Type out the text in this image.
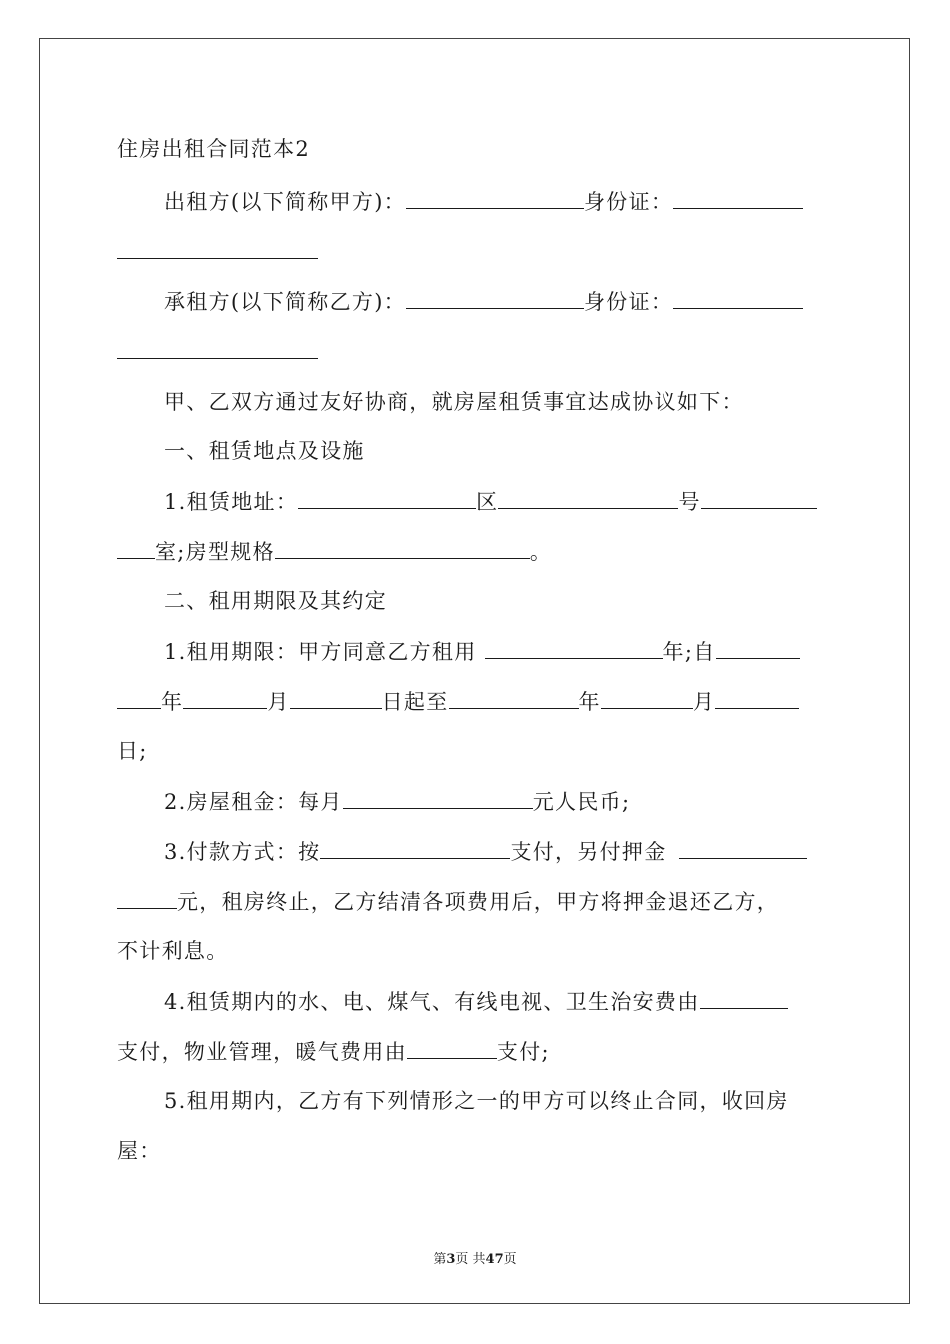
住房出租合同范本2
出租方(以下简称甲方)：	身份证：
承租方(以下简称乙方)：	身份证：
甲、乙双方通过友好协商，就房屋租赁事宜达成协议如下：
一、租赁地点及设施
1.租赁地址：	区	号
室;房型规格	。
二、租用期限及其约定
1.租用期限：甲方同意乙方租用	年;自
年	月	日起至	年	月
日;
2.房屋租金：每月	元人民币;
3.付款方式：按	支付，另付押金
元，租房终止，乙方结清各项费用后，甲方将押金退还乙方，
不计利息。
4.租赁期内的水、电、煤气、有线电视、卫生治安费由
支付，物业管理，暖气费用由	支付;
5.租用期内，乙方有下列情形之一的甲方可以终止合同，收回房
屋：
第3页 共47页
